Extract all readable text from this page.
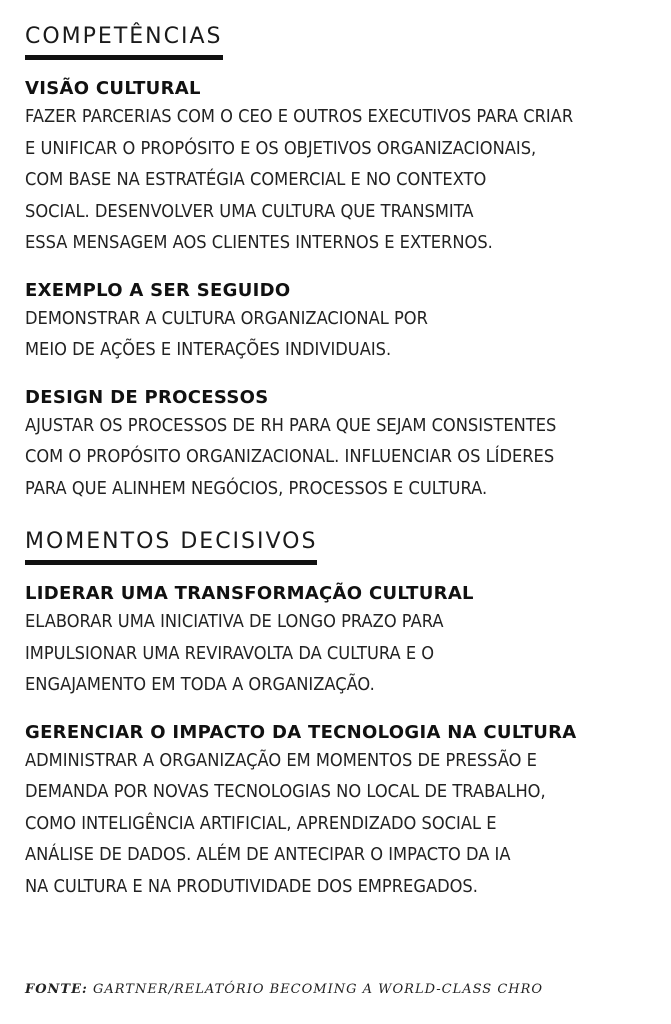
COMPETÊNCIAS
VISÃO CULTURAL

FAZER PARCERIAS COM O CEO E OUTROS EXECUTIVOS PARA CRIAR
E UNIFICAR O PROPÓSITO E OS OBJETIVOS ORGANIZACIONAIS,
COM BASE NA ESTRATÉGIA COMERCIAL E NO CONTEXTO
SOCIAL. DESENVOLVER UMA CULTURA QUE TRANSMITA
ESSA MENSAGEM AOS CLIENTES INTERNOS E EXTERNOS.

EXEMPLO A SER SEGUIDO

DEMONSTRAR A CULTURA ORGANIZACIONAL POR
MEIO DE AÇÕES E INTERAÇÕES INDIVIDUAIS.

DESIGN DE PROCESSOS

AJUSTAR OS PROCESSOS DE RH PARA QUE SEJAM CONSISTENTES
COM O PROPÓSITO ORGANIZACIONAL. INFLUENCIAR OS LÍDERES
PARA QUE ALINHEM NEGÓCIOS, PROCESSOS E CULTURA.

MOMENTOS DECISIVOS
LIDERAR UMA TRANSFORMAÇÃO CULTURAL

ELABORAR UMA INICIATIVA DE LONGO PRAZO PARA
IMPULSIONAR UMA REVIRAVOLTA DA CULTURA E O
ENGAJAMENTO EM TODA A ORGANIZAÇÃO.

GERENCIAR O IMPACTO DA TECNOLOGIA NA CULTURA

ADMINISTRAR A ORGANIZAÇÃO EM MOMENTOS DE PRESSÃO E
DEMANDA POR NOVAS TECNOLOGIAS NO LOCAL DE TRABALHO,
COMO INTELIGÊNCIA ARTIFICIAL, APRENDIZADO SOCIAL E
ANÁLISE DE DADOS. ALÉM DE ANTECIPAR O IMPACTO DA IA
NA CULTURA E NA PRODUTIVIDADE DOS EMPREGADOS.

FONTE: GARTNER/RELATÓRIO BECOMING A WORLD-CLASS CHRO
